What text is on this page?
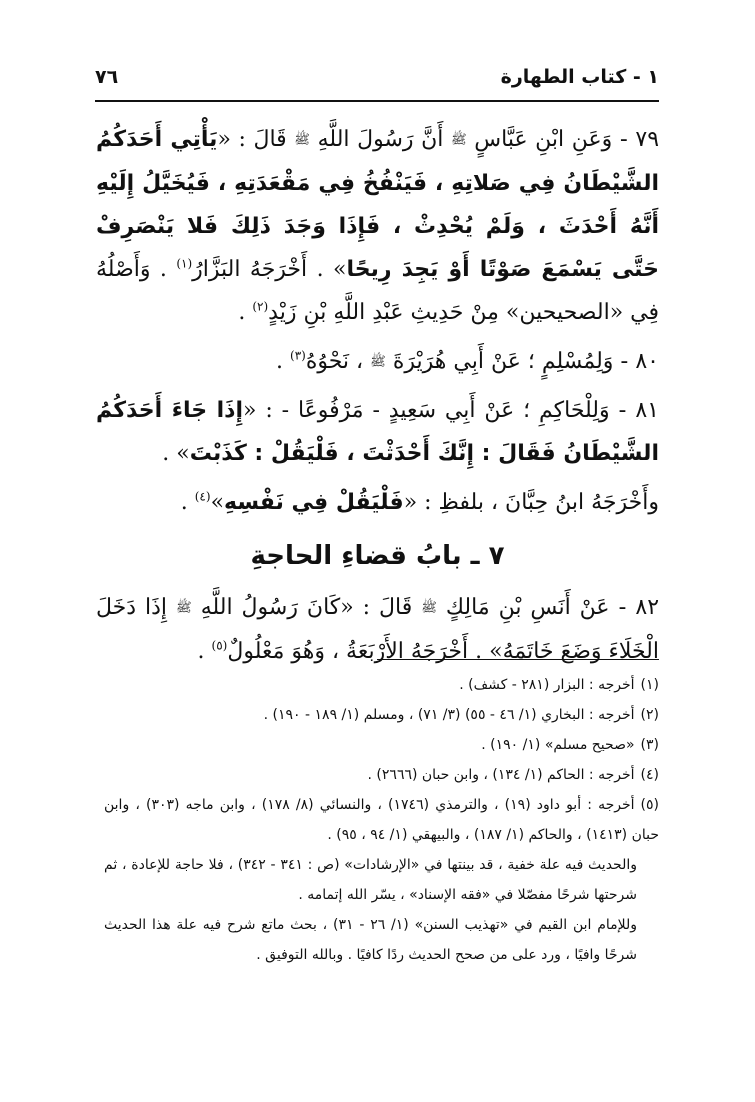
١ - كتاب الطهارة
٧٦

٧٩ - وَعَنِ ابْنِ عَبَّاسٍ ﷺ أَنَّ رَسُولَ اللَّهِ ﷺ قَالَ : «يَأْتِي أَحَدَكُمُ الشَّيْطَانُ فِي صَلاتِهِ ، فَيَنْفُخُ فِي مَقْعَدَتِهِ ، فَيُخَيَّلُ إِلَيْهِ أَنَّهُ أَحْدَثَ ، وَلَمْ يُحْدِثْ ، فَإِذَا وَجَدَ ذَلِكَ فَلا يَنْصَرِفْ حَتَّى يَسْمَعَ صَوْتًا أَوْ يَجِدَ رِيحًا» . أَخْرَجَهُ البَزَّارُ$^{(١)}$ . وَأَصْلُهُ فِي «الصحيحين» مِنْ حَدِيثِ عَبْدِ اللَّهِ بْنِ زَيْدٍ$^{(٢)}$ .

٨٠ - وَلِمُسْلِمٍ ؛ عَنْ أَبِي هُرَيْرَةَ ﷺ ، نَحْوُهُ$^{(٣)}$ .

٨١ - وَلِلْحَاكِمِ ؛ عَنْ أَبِي سَعِيدٍ - مَرْفُوعًا - : «إِذَا جَاءَ أَحَدَكُمُ الشَّيْطَانُ فَقَالَ : إِنَّكَ أَحْدَثْتَ ، فَلْيَقُلْ : كَذَبْتَ» .

وأَخْرَجَهُ ابنُ حِبَّانَ ، بلفظِ : «فَلْيَقُلْ فِي نَفْسِهِ»$^{(٤)}$ .

٧ ـ بابُ قضاءِ الحاجةِ

٨٢ - عَنْ أَنَسِ بْنِ مَالِكٍ ﷺ قَالَ : «كَانَ رَسُولُ اللَّهِ ﷺ إِذَا دَخَلَ الْخَلَاءَ وَضَعَ خَاتَمَهُ» . أَخْرَجَهُ الأَرْبَعَةُ ، وَهُوَ مَعْلُولٌ$^{(٥)}$ .

(١)أخرجه : البزار (٢٨١ - كشف) .

(٢)أخرجه : البخاري (١/ ٤٦ - ٥٥) (٣/ ٧١) ، ومسلم (١/ ١٨٩ - ١٩٠) .

(٣)«صحيح مسلم» (١/ ١٩٠) .

(٤)أخرجه : الحاكم (١/ ١٣٤) ، وابن حبان (٢٦٦٦) .

(٥)أخرجه : أبو داود (١٩) ، والترمذي (١٧٤٦) ، والنسائي (٨/ ١٧٨) ، وابن ماجه (٣٠٣) ، وابن حبان (١٤١٣) ، والحاكم (١/ ١٨٧) ، والبيهقي (١/ ٩٤ ، ٩٥) .

والحديث فيه علة خفية ، قد بينتها في «الإرشادات» (ص : ٣٤١ - ٣٤٢) ، فلا حاجة للإعادة ، ثم شرحتها شرحًا مفصّلا في «فقه الإسناد» ، يسّر الله إتمامه .

وللإمام ابن القيم في «تهذيب السنن» (١/ ٢٦ - ٣١) ، بحث ماتع شرح فيه علة هذا الحديث شرحًا وافيًا ، ورد على من صحح الحديث ردًا كافيًا . وبالله التوفيق .
